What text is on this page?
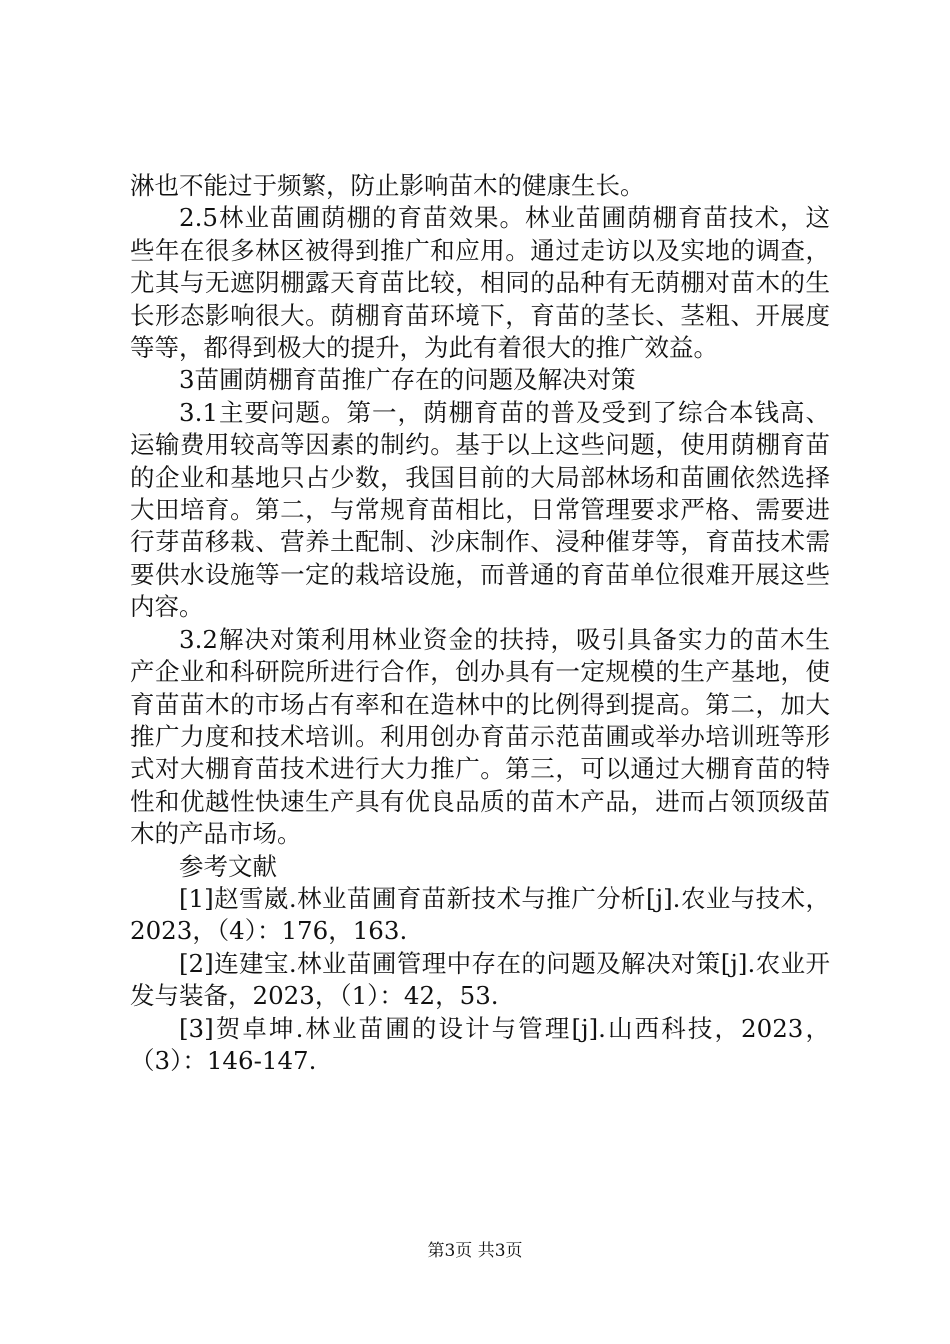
淋也不能过于频繁，防止影响苗木的健康生长。

2.5林业苗圃荫棚的育苗效果。林业苗圃荫棚育苗技术，这些年在很多林区被得到推广和应用。通过走访以及实地的调查，尤其与无遮阴棚露天育苗比较，相同的品种有无荫棚对苗木的生长形态影响很大。荫棚育苗环境下，育苗的茎长、茎粗、开展度等等，都得到极大的提升，为此有着很大的推广效益。

3苗圃荫棚育苗推广存在的问题及解决对策

3.1主要问题。第一，荫棚育苗的普及受到了综合本钱高、运输费用较高等因素的制约。基于以上这些问题，使用荫棚育苗的企业和基地只占少数，我国目前的大局部林场和苗圃依然选择大田培育。第二，与常规育苗相比，日常管理要求严格、需要进行芽苗移栽、营养土配制、沙床制作、浸种催芽等，育苗技术需要供水设施等一定的栽培设施，而普通的育苗单位很难开展这些内容。

3.2解决对策利用林业资金的扶持，吸引具备实力的苗木生产企业和科研院所进行合作，创办具有一定规模的生产基地，使育苗苗木的市场占有率和在造林中的比例得到提高。第二，加大推广力度和技术培训。利用创办育苗示范苗圃或举办培训班等形式对大棚育苗技术进行大力推广。第三，可以通过大棚育苗的特性和优越性快速生产具有优良品质的苗木产品，进而占领顶级苗木的产品市场。

参考文献

[1]赵雪崴.林业苗圃育苗新技术与推广分析[j].农业与技术，2023，（4）：176，163.

[2]连建宝.林业苗圃管理中存在的问题及解决对策[j].农业开发与装备，2023，（1）：42，53.

[3]贺卓坤.林业苗圃的设计与管理[j].山西科技，2023，（3）：146-147.

第3页 共3页
